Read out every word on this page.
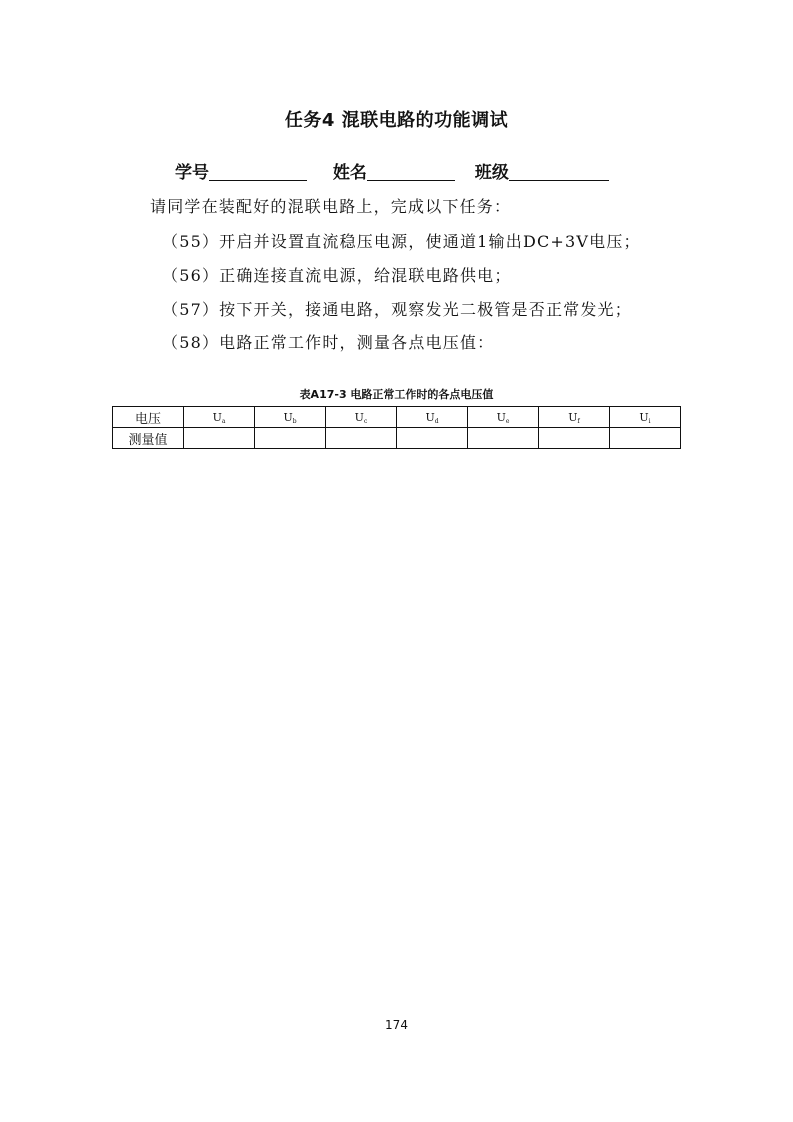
任务4 混联电路的功能调试
学号	姓名	班级
请同学在装配好的混联电路上，完成以下任务：
（55）开启并设置直流稳压电源，使通道1输出DC+3V电压；
（56）正确连接直流电源，给混联电路供电；
（57）按下开关，接通电路，观察发光二极管是否正常发光；
（58）电路正常工作时，测量各点电压值：
表A17-3 电路正常工作时的各点电压值
电压	Ua	Ub	Uc	Ud	Ue	Uf	Ui
测量值							
174
